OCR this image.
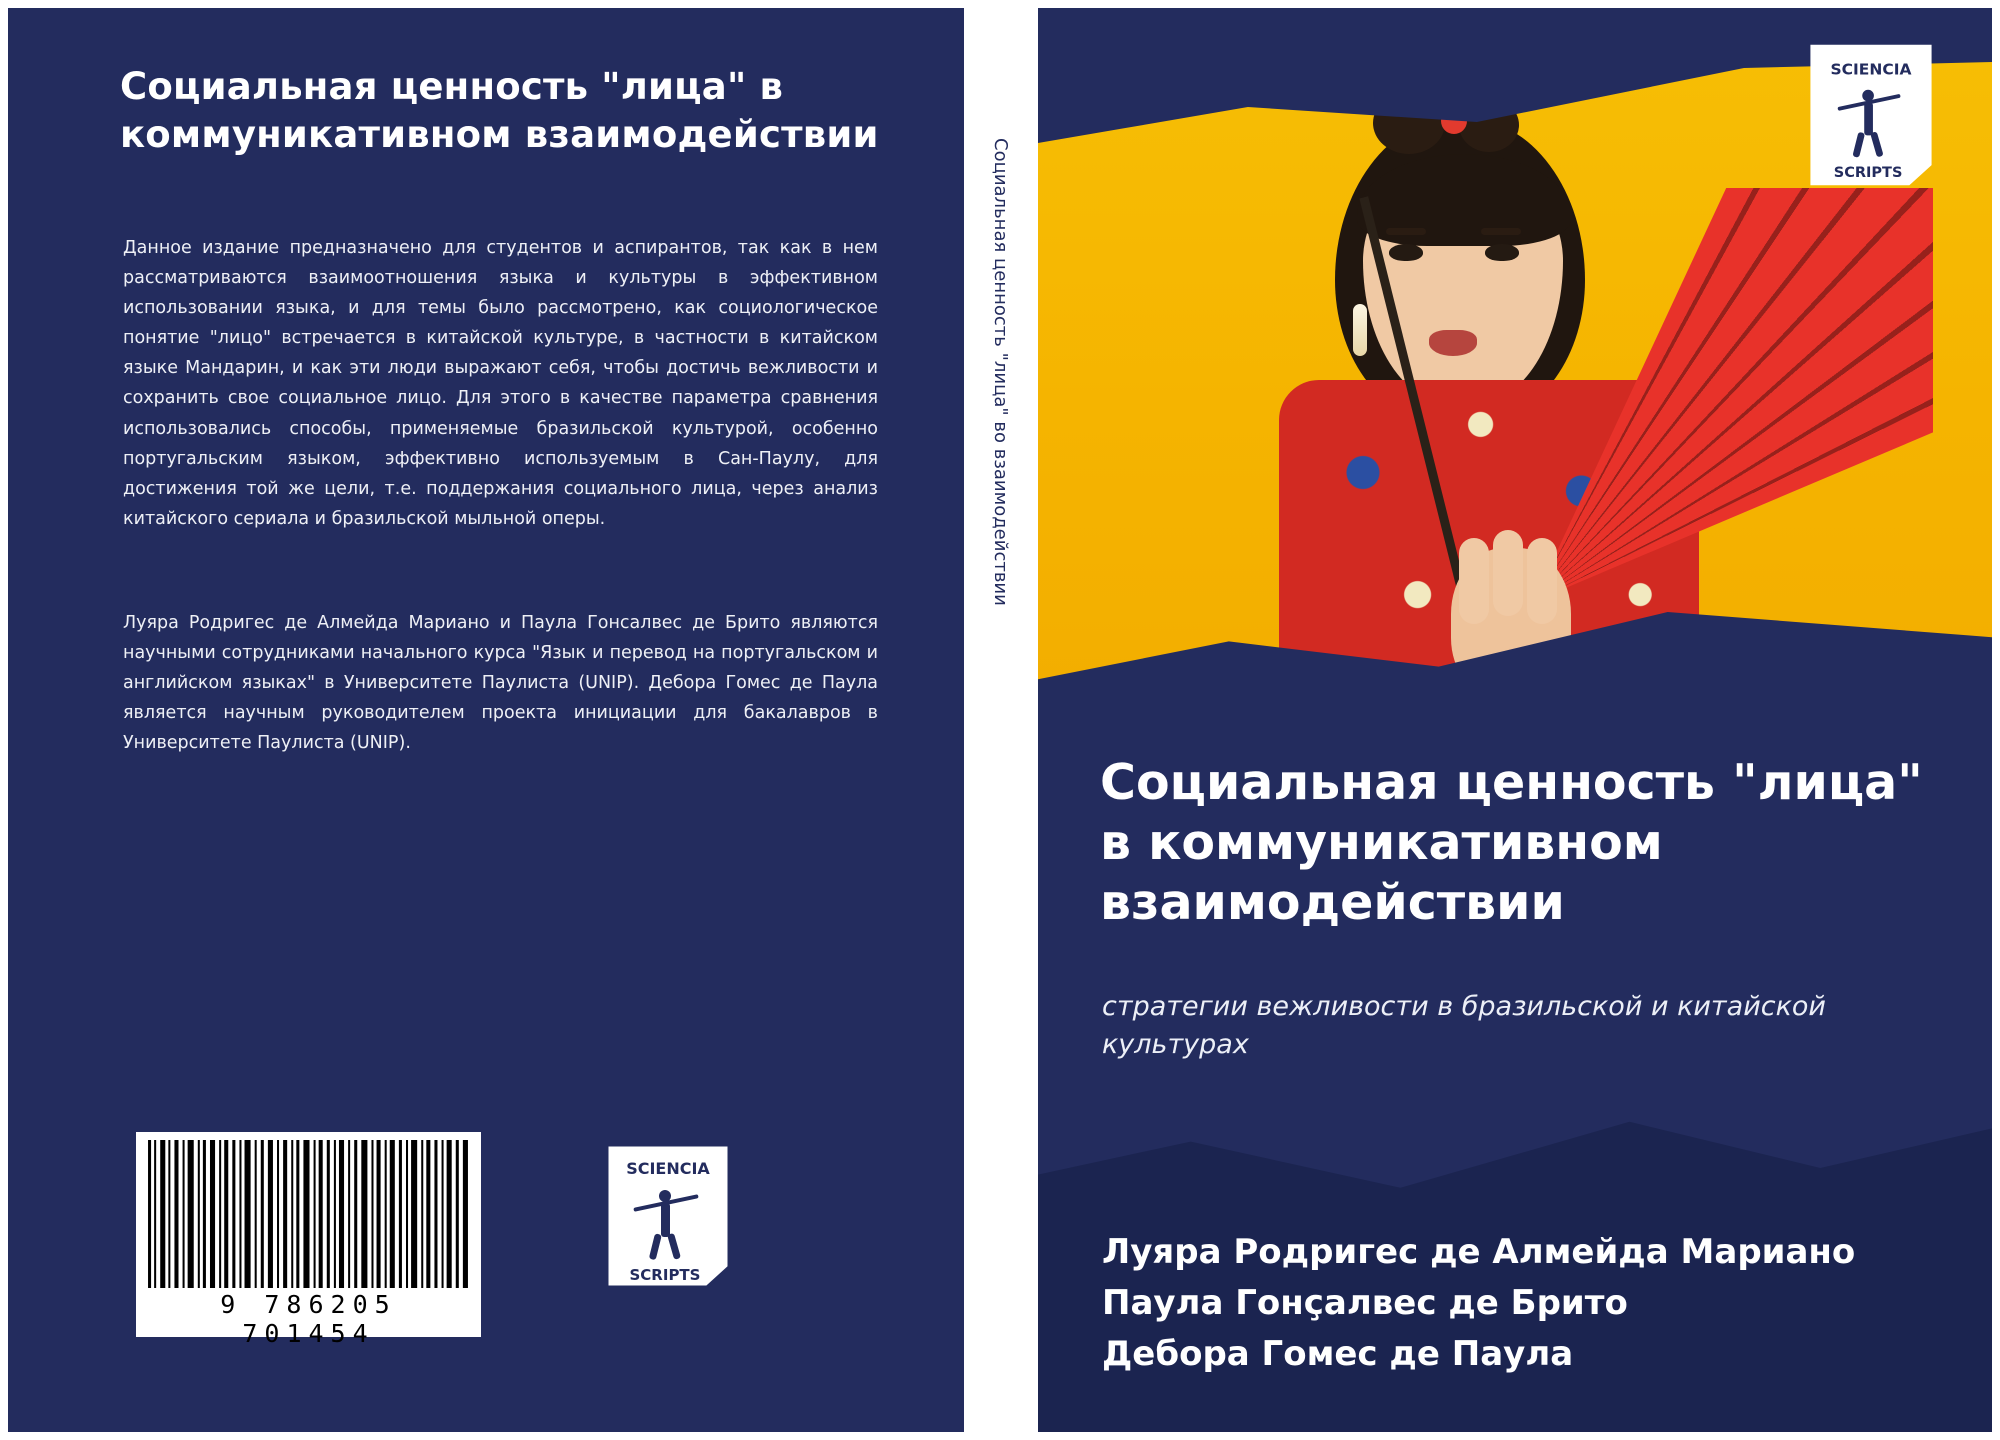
Социальная ценность "лица" в коммуникативном взаимодействии
Данное издание предназначено для студентов и аспирантов, так как в нем рассматриваются взаимоотношения языка и культуры в эффективном использовании языка, и для темы было рассмотрено, как социологическое понятие "лицо" встречается в китайской культуре, в частности в китайском языке Мандарин, и как эти люди выражают себя, чтобы достичь вежливости и сохранить свое социальное лицо. Для этого в качестве параметра сравнения использовались способы, применяемые бразильской культурой, особенно португальским языком, эффективно используемым в Сан-Паулу, для достижения той же цели, т.е. поддержания социального лица, через анализ китайского сериала и бразильской мыльной оперы.
Луяра Родригес де Алмейда Мариано и Паула Гонсалвес де Брито являются научными сотрудниками начального курса "Язык и перевод на португальском и английском языках" в Университете Паулиста (UNIP). Дебора Гомес де Паула является научным руководителем проекта инициации для бакалавров в Университете Паулиста (UNIP).
9 786205 701454
SCIENCIA
SCRIPTS
Социальная ценность "лица" во взаимодействии
SCIENCIA
SCRIPTS
Социальная ценность "лица" в коммуникативном взаимодействии
стратегии вежливости в бразильской и китайской культурах
Луяра Родригес де Алмейда Мариано
Паула Гонçалвес де Брито
Дебора Гомес де Паула
